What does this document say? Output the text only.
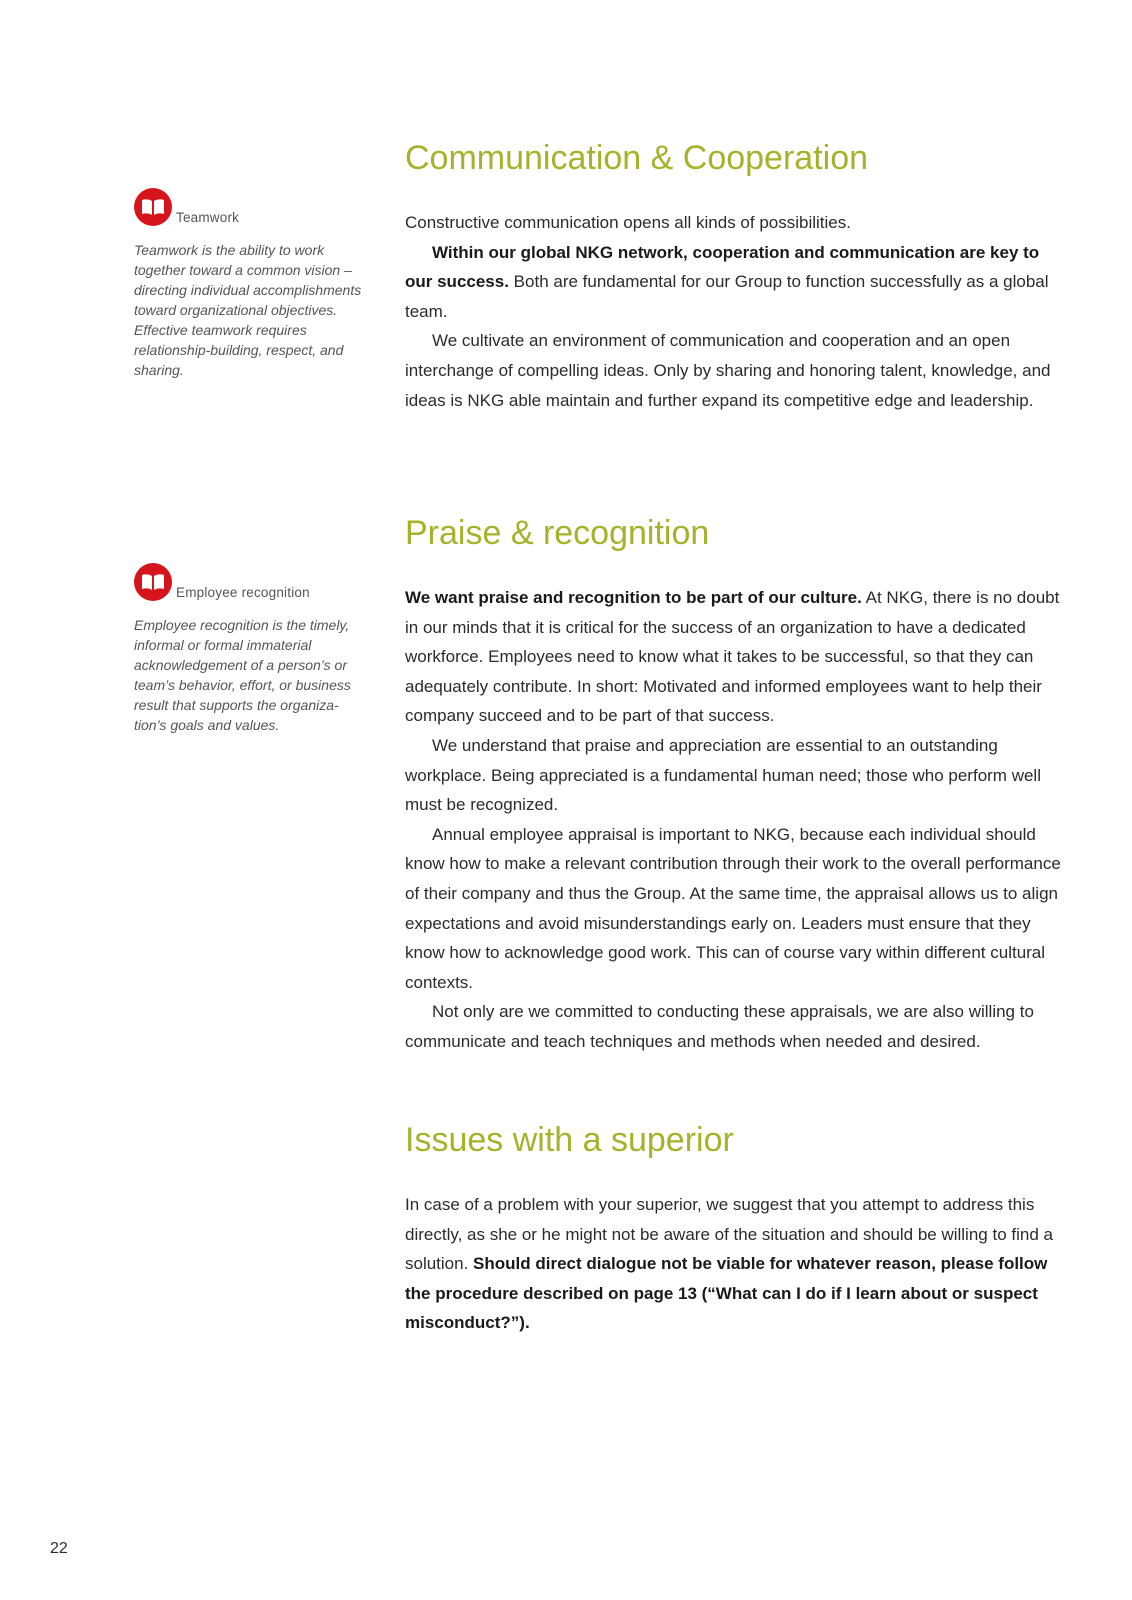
Teamwork

Teamwork is the ability to work together toward a common vision – directing individual accomplishments toward organizational objectives. Effective teamwork requires relationship-building, respect, and sharing.

Employee recognition

Employee recognition is the timely, informal or formal immaterial acknowledgement of a person’s or team’s behavior, effort, or business result that supports the organization’s goals and values.

Communication & Cooperation

Constructive communication opens all kinds of possibilities.

Within our global NKG network, cooperation and communication are key to our success. Both are fundamental for our Group to function successfully as a global team.

We cultivate an environment of communication and cooperation and an open interchange of compelling ideas. Only by sharing and honoring talent, knowledge, and ideas is NKG able maintain and further expand its competitive edge and leadership.

Praise & recognition

We want praise and recognition to be part of our culture. At NKG, there is no doubt in our minds that it is critical for the success of an organization to have a dedicated workforce. Employees need to know what it takes to be successful, so that they can adequately contribute. In short: Motivated and informed employees want to help their company succeed and to be part of that success.

We understand that praise and appreciation are essential to an outstanding workplace. Being appreciated is a fundamental human need; those who perform well must be recognized.

Annual employee appraisal is important to NKG, because each individual should know how to make a relevant contribution through their work to the overall performance of their company and thus the Group. At the same time, the appraisal allows us to align expectations and avoid misunderstandings early on. Leaders must ensure that they know how to acknowledge good work. This can of course vary within different cultural contexts.

Not only are we committed to conducting these appraisals, we are also willing to communicate and teach techniques and methods when needed and desired.

Issues with a superior

In case of a problem with your superior, we suggest that you attempt to address this directly, as she or he might not be aware of the situation and should be willing to find a solution. Should direct dialogue not be viable for whatever reason, please follow the procedure described on page 13 (“What can I do if I learn about or suspect misconduct?”).

22
